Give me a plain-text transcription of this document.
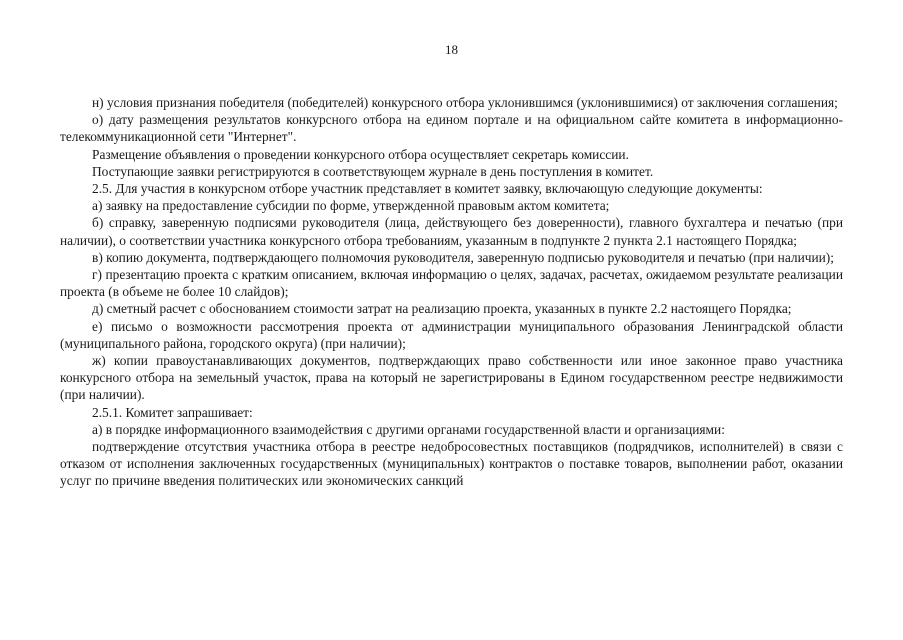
18

н) условия признания победителя (победителей) конкурсного отбора уклонившимся (уклонившимися) от заключения соглашения;

о) дату размещения результатов конкурсного отбора на едином портале и на официальном сайте комитета в информационно-телекоммуникационной сети "Интернет".

Размещение объявления о проведении конкурсного отбора осуществляет секретарь комиссии.

Поступающие заявки регистрируются в соответствующем журнале в день поступления в комитет.

2.5. Для участия в конкурсном отборе участник представляет в комитет заявку, включающую следующие документы:

а) заявку на предоставление субсидии по форме, утвержденной правовым актом комитета;

б) справку, заверенную подписями руководителя (лица, действующего без доверенности), главного бухгалтера и печатью (при наличии), о соответствии участника конкурсного отбора требованиям, указанным в подпункте 2 пункта 2.1 настоящего Порядка;

в) копию документа, подтверждающего полномочия руководителя, заверенную подписью руководителя и печатью (при наличии);

г) презентацию проекта с кратким описанием, включая информацию о целях, задачах, расчетах, ожидаемом результате реализации проекта (в объеме не более 10 слайдов);

д) сметный расчет с обоснованием стоимости затрат на реализацию проекта, указанных в пункте 2.2 настоящего Порядка;

е) письмо о возможности рассмотрения проекта от администрации муниципального образования Ленинградской области (муниципального района, городского округа) (при наличии);

ж) копии правоустанавливающих документов, подтверждающих право собственности или иное законное право участника конкурсного отбора на земельный участок, права на который не зарегистрированы в Едином государственном реестре недвижимости (при наличии).

2.5.1. Комитет запрашивает:

а) в порядке информационного взаимодействия с другими органами государственной власти и организациями:

подтверждение отсутствия участника отбора в реестре недобросовестных поставщиков (подрядчиков, исполнителей) в связи с отказом от исполнения заключенных государственных (муниципальных) контрактов о поставке товаров, выполнении работ, оказании услуг по причине введения политических или экономических санкций
